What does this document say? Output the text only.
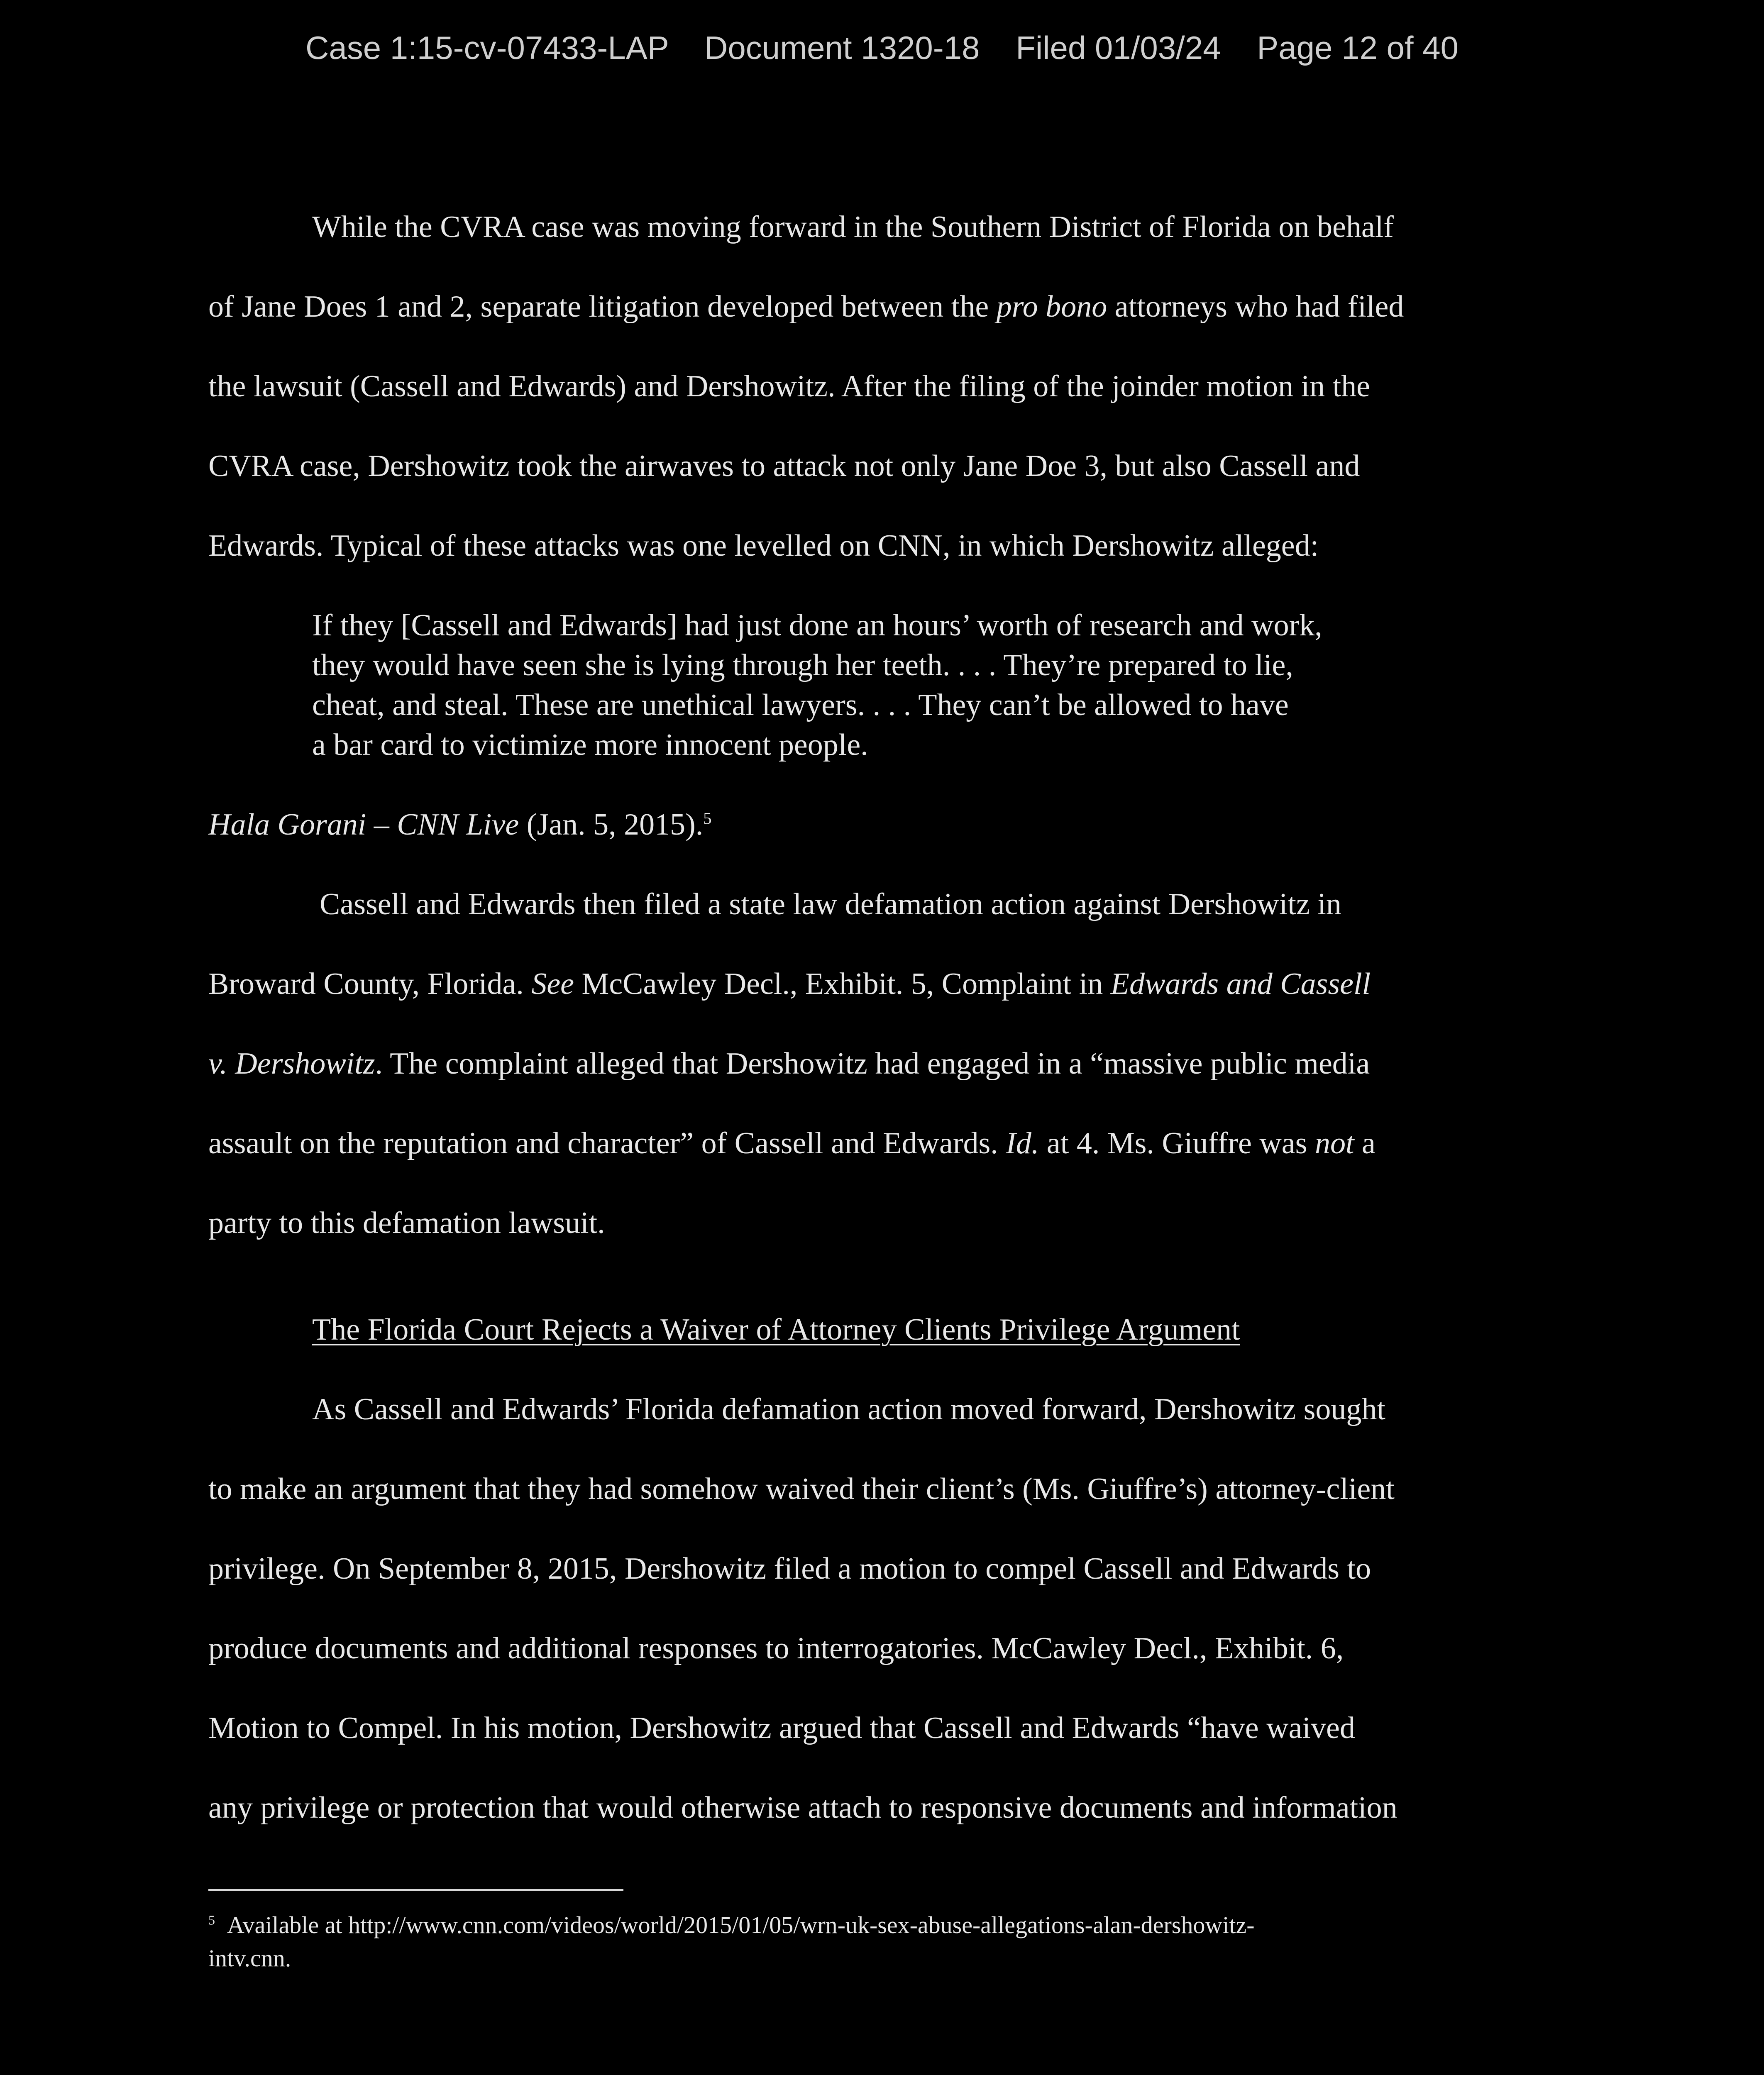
Case 1:15-cv-07433-LAP    Document 1320-18    Filed 01/03/24    Page 12 of 40
While the CVRA case was moving forward in the Southern District of Florida on behalf
of Jane Does 1 and 2, separate litigation developed between the pro bono attorneys who had filed
the lawsuit (Cassell and Edwards) and Dershowitz. After the filing of the joinder motion in the
CVRA case, Dershowitz took the airwaves to attack not only Jane Doe 3, but also Cassell and
Edwards. Typical of these attacks was one levelled on CNN, in which Dershowitz alleged:
If they [Cassell and Edwards] had just done an hours’ worth of research and work,
they would have seen she is lying through her teeth. . . . They’re prepared to lie,
cheat, and steal. These are unethical lawyers. . . . They can’t be allowed to have
a bar card to victimize more innocent people.
Hala Gorani – CNN Live (Jan. 5, 2015).$^5$
Cassell and Edwards then filed a state law defamation action against Dershowitz in
Broward County, Florida. See McCawley Decl., Exhibit. 5, Complaint in Edwards and Cassell
v. Dershowitz. The complaint alleged that Dershowitz had engaged in a “massive public media
assault on the reputation and character” of Cassell and Edwards. Id. at 4. Ms. Giuffre was not a
party to this defamation lawsuit.
The Florida Court Rejects a Waiver of Attorney Clients Privilege Argument
As Cassell and Edwards’ Florida defamation action moved forward, Dershowitz sought
to make an argument that they had somehow waived their client’s (Ms. Giuffre’s) attorney-client
privilege. On September 8, 2015, Dershowitz filed a motion to compel Cassell and Edwards to
produce documents and additional responses to interrogatories. McCawley Decl., Exhibit. 6,
Motion to Compel. In his motion, Dershowitz argued that Cassell and Edwards “have waived
any privilege or protection that would otherwise attach to responsive documents and information
$^5$ Available at http://www.cnn.com/videos/world/2015/01/05/wrn-uk-sex-abuse-allegations-alan-dershowitz-
intv.cnn.
